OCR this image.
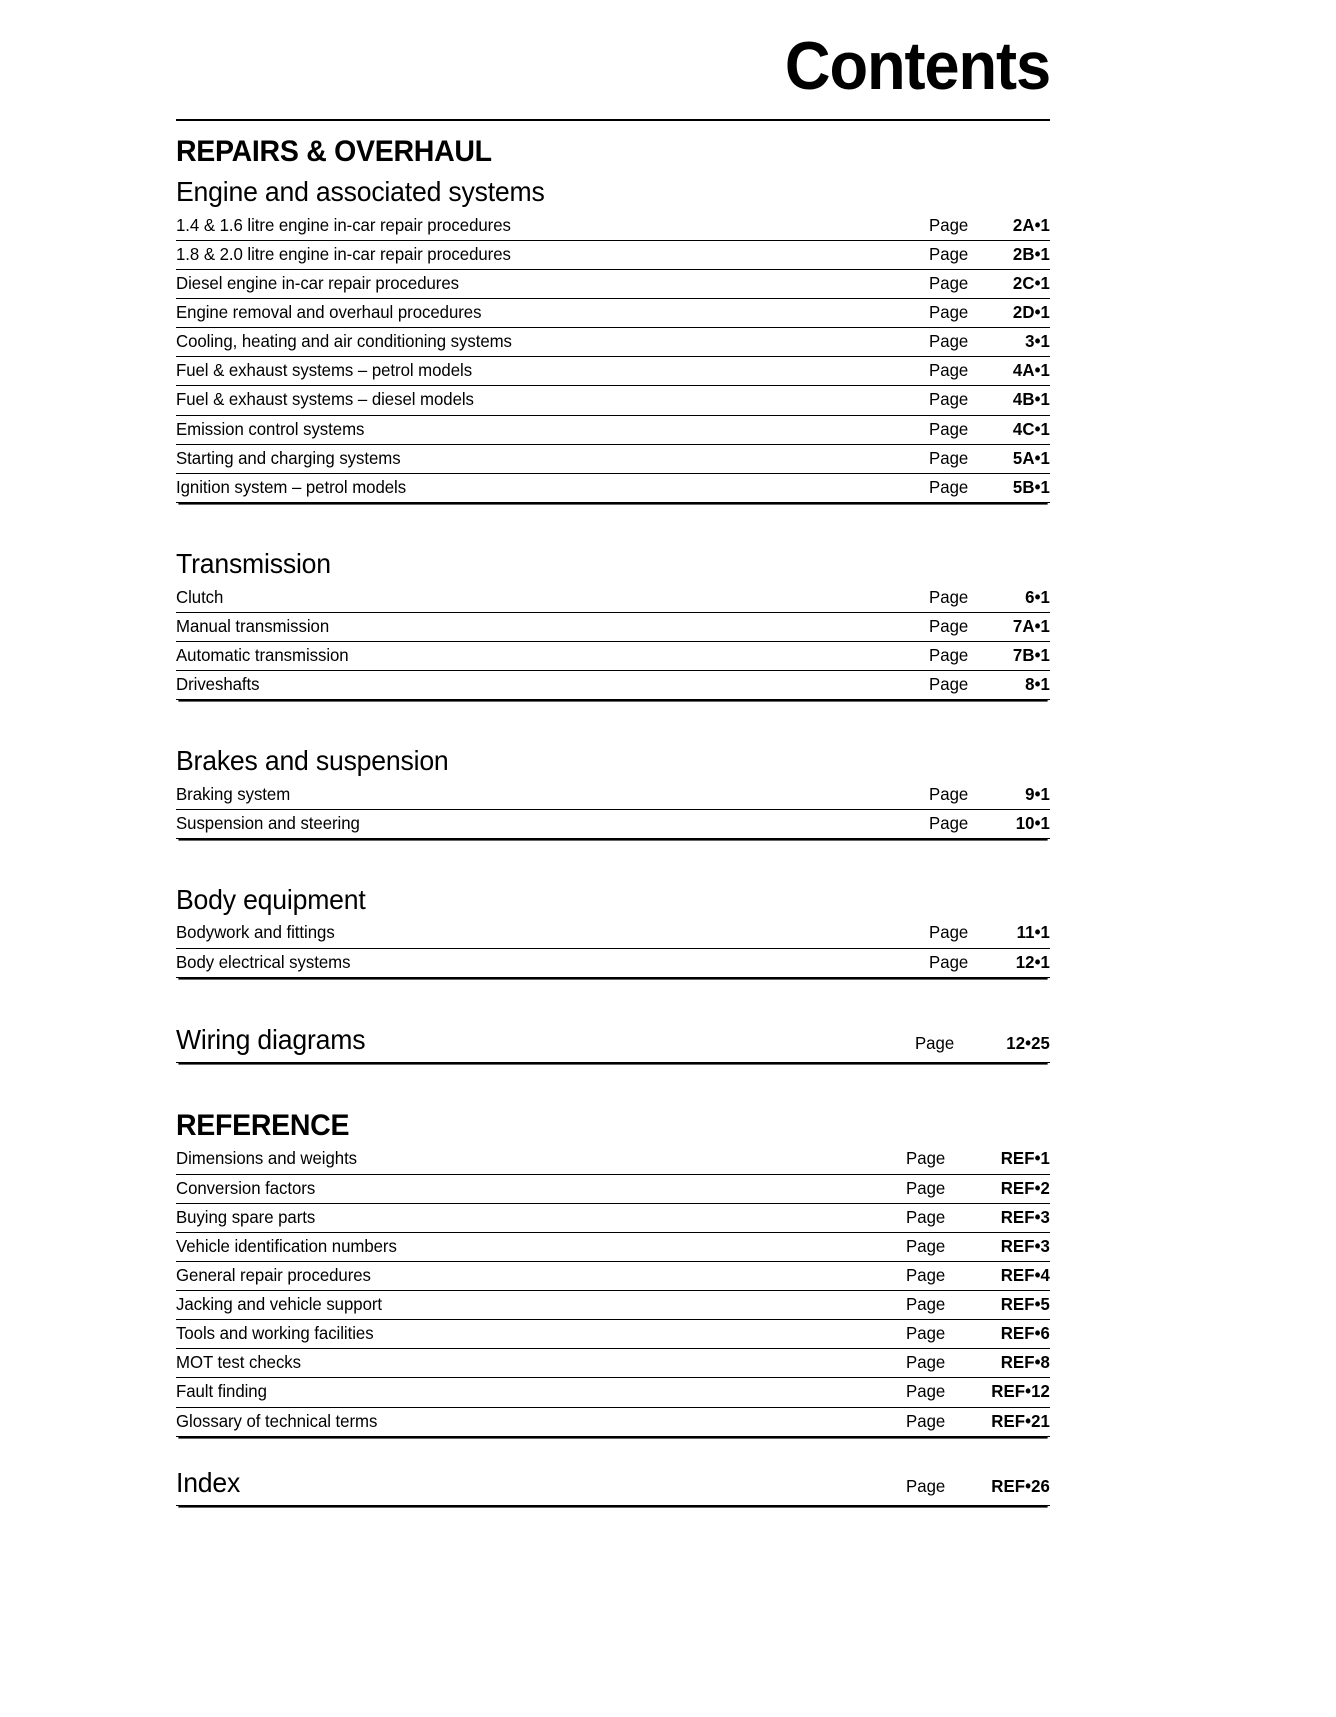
Contents
REPAIRS & OVERHAUL
Engine and associated systems
1.4 & 1.6 litre engine in-car repair procedures	Page	2A•1
1.8 & 2.0 litre engine in-car repair procedures	Page	2B•1
Diesel engine in-car repair procedures	Page	2C•1
Engine removal and overhaul procedures	Page	2D•1
Cooling, heating and air conditioning systems	Page	3•1
Fuel & exhaust systems – petrol models	Page	4A•1
Fuel & exhaust systems – diesel models	Page	4B•1
Emission control systems	Page	4C•1
Starting and charging systems	Page	5A•1
Ignition system – petrol models	Page	5B•1
Transmission
Clutch	Page	6•1
Manual transmission	Page	7A•1
Automatic transmission	Page	7B•1
Driveshafts	Page	8•1
Brakes and suspension
Braking system	Page	9•1
Suspension and steering	Page	10•1
Body equipment
Bodywork and fittings	Page	11•1
Body electrical systems	Page	12•1
Wiring diagrams	Page	12•25
REFERENCE
Dimensions and weights	Page	REF•1
Conversion factors	Page	REF•2
Buying spare parts	Page	REF•3
Vehicle identification numbers	Page	REF•3
General repair procedures	Page	REF•4
Jacking and vehicle support	Page	REF•5
Tools and working facilities	Page	REF•6
MOT test checks	Page	REF•8
Fault finding	Page	REF•12
Glossary of technical terms	Page	REF•21
Index	Page	REF•26
